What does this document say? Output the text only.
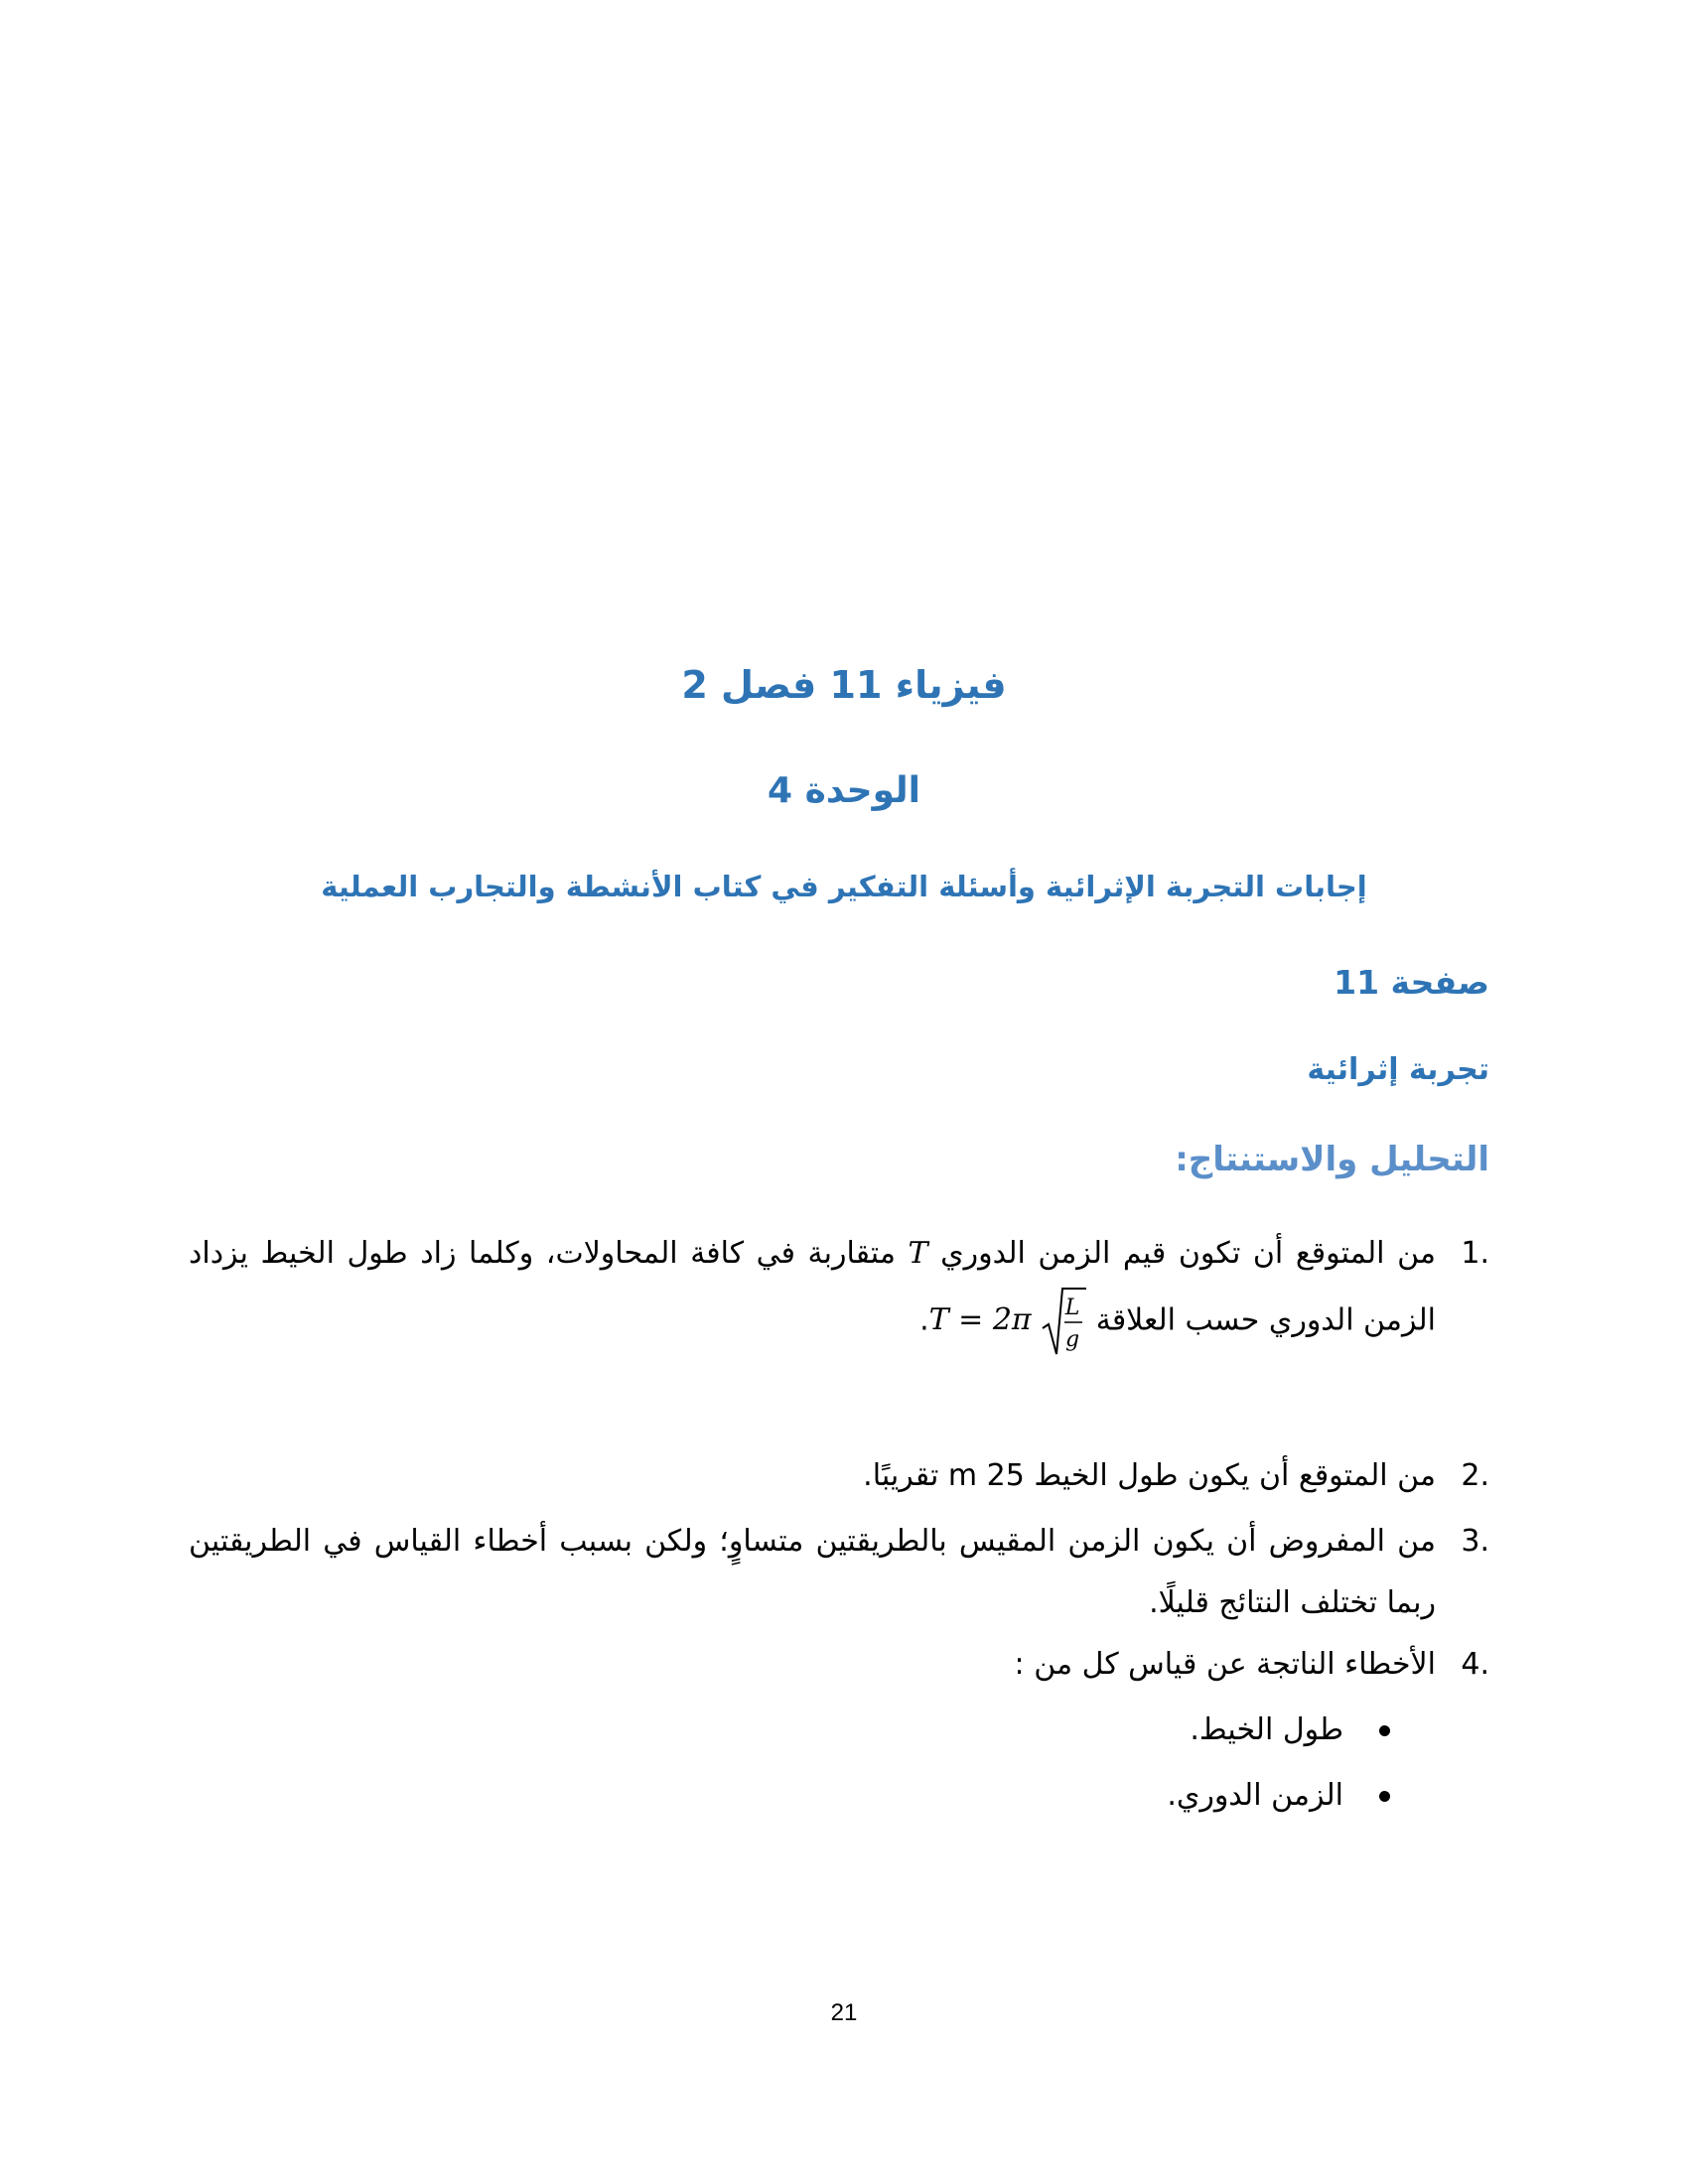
فيزياء 11 فصل 2
الوحدة 4
إجابات التجربة الإثرائية وأسئلة التفكير في كتاب الأنشطة والتجارب العملية
صفحة 11
تجربة إثرائية
التحليل والاستنتاج:
1.
من المتوقع أن تكون قيم الزمن الدوري T متقاربة في كافة المحاولات، وكلما زاد طول الخيط يزداد الزمن الدوري حسب العلاقة T = 2π L
g
.
2.
من المتوقع أن يكون طول الخيط 25 m تقريبًا.
3.
من المفروض أن يكون الزمن المقيس بالطريقتين متساوٍ؛ ولكن بسبب أخطاء القياس في الطريقتين ربما تختلف النتائج قليلًا.
4.
الأخطاء الناتجة عن قياس كل من :
طول الخيط.
الزمن الدوري.
21
